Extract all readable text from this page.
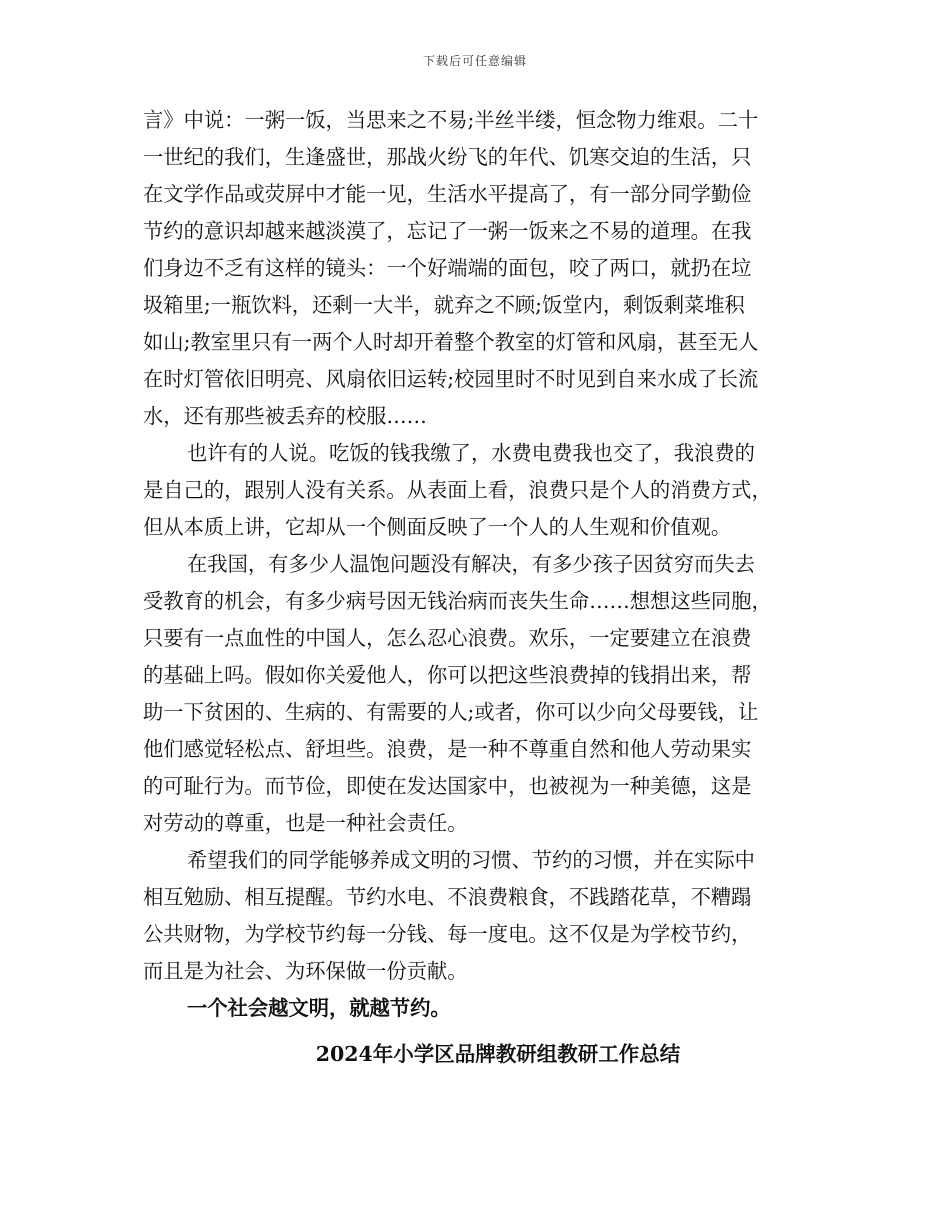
下载后可任意编辑
言》中说：一粥一饭，当思来之不易;半丝半缕，恒念物力维艰。二十
一世纪的我们，生逢盛世，那战火纷飞的年代、饥寒交迫的生活，只
在文学作品或荧屏中才能一见，生活水平提高了，有一部分同学勤俭
节约的意识却越来越淡漠了，忘记了一粥一饭来之不易的道理。在我
们身边不乏有这样的镜头：一个好端端的面包，咬了两口，就扔在垃
圾箱里;一瓶饮料，还剩一大半，就弃之不顾;饭堂内，剩饭剩菜堆积
如山;教室里只有一两个人时却开着整个教室的灯管和风扇，甚至无人
在时灯管依旧明亮、风扇依旧运转;校园里时不时见到自来水成了长流
水，还有那些被丢弃的校服……
也许有的人说。吃饭的钱我缴了，水费电费我也交了，我浪费的
是自己的，跟别人没有关系。从表面上看，浪费只是个人的消费方式，
但从本质上讲，它却从一个侧面反映了一个人的人生观和价值观。
在我国，有多少人温饱问题没有解决，有多少孩子因贫穷而失去
受教育的机会，有多少病号因无钱治病而丧失生命……想想这些同胞，
只要有一点血性的中国人，怎么忍心浪费。欢乐，一定要建立在浪费
的基础上吗。假如你关爱他人，你可以把这些浪费掉的钱捐出来，帮
助一下贫困的、生病的、有需要的人;或者，你可以少向父母要钱，让
他们感觉轻松点、舒坦些。浪费，是一种不尊重自然和他人劳动果实
的可耻行为。而节俭，即使在发达国家中，也被视为一种美德，这是
对劳动的尊重，也是一种社会责任。
希望我们的同学能够养成文明的习惯、节约的习惯，并在实际中
相互勉励、相互提醒。节约水电、不浪费粮食，不践踏花草，不糟蹋
公共财物，为学校节约每一分钱、每一度电。这不仅是为学校节约，
而且是为社会、为环保做一份贡献。
一个社会越文明，就越节约。
2024年小学区品牌教研组教研工作总结
